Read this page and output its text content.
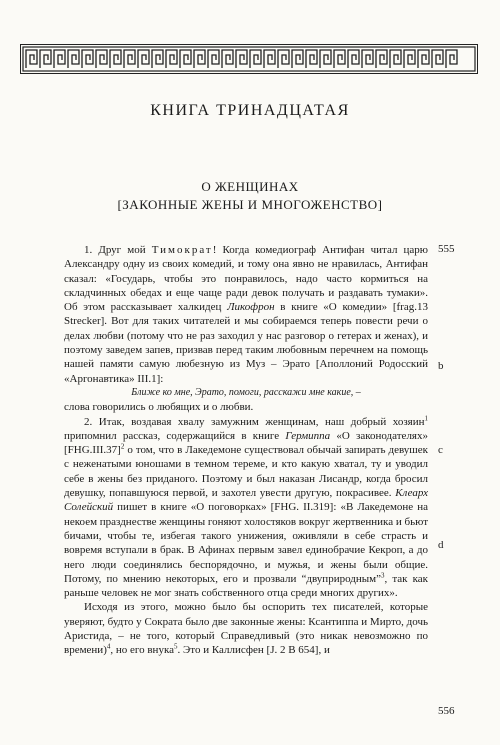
КНИГА ТРИНАДЦАТАЯ
О ЖЕНЩИНАХ
[ЗАКОННЫЕ ЖЕНЫ И МНОГОЖЕНСТВО]

1. Друг мой Тимократ! Когда комедиограф Антифан читал царю Александру одну из своих комедий, и тому она явно не нравилась, Антифан сказал: «Государь, чтобы это понравилось, надо часто кормиться на складчинных обедах и еще чаще ради девок получать и раздавать тумаки». Об этом рассказывает халкидец Ликофрон в книге «О комедии» [frag.13 Strecker]. Вот для таких читателей и мы собираемся теперь повести речи о делах любви (потому что не раз заходил у нас разговор о гетерах и женах), и поэтому заведем запев, призвав перед таким любовным перечнем на помощь нашей памяти самую любезную из Муз – Эрато [Аполлоний Родосский «Аргонавтика» III.1]:

Ближе ко мне, Эрато, помоги, расскажи мне какие, –

слова говорились о любящих и о любви.

2. Итак, воздавая хвалу замужним женщинам, наш добрый хозяин$^1$ припомнил рассказ, содержащийся в книге Гермиппа «О законодателях» $[FHG.III.37]^2$ о том, что в Лакедемоне существовал обычай запирать девушек с неженатыми юношами в темном тереме, и кто какую хватал, ту и уводил себе в жены без приданого. Поэтому и был наказан Лисандр, когда бросил девушку, попавшуюся первой, и захотел увести другую, покрасивее. Клеарх Солейский пишет в книге «О поговорках» [FHG. II.319]: «В Лакедемоне на некоем празднестве женщины гоняют холостяков вокруг жертвенника и бьют бичами, чтобы те, избегая такого унижения, оживляли в себе страсть и вовремя вступали в брак. В Афинах первым завел единобрачие Кекроп, а до него люди соединялись беспорядочно, и мужья, и жены были общие. Потому, по мнению некоторых, его и прозвали “двуприродным”$^3$, так как раньше человек не мог знать собственного отца среди многих других».

Исходя из этого, можно было бы оспорить тех писателей, которые уверяют, будто у Сократа было две законные жены: Ксантиппа и Мирто, дочь Аристида, – не того, который Справедливый (это никак невозможно по времени)$^4$, но его внука$^5$. Это и Каллисфен [J. 2 B 654], и

555
b
c
d
556
